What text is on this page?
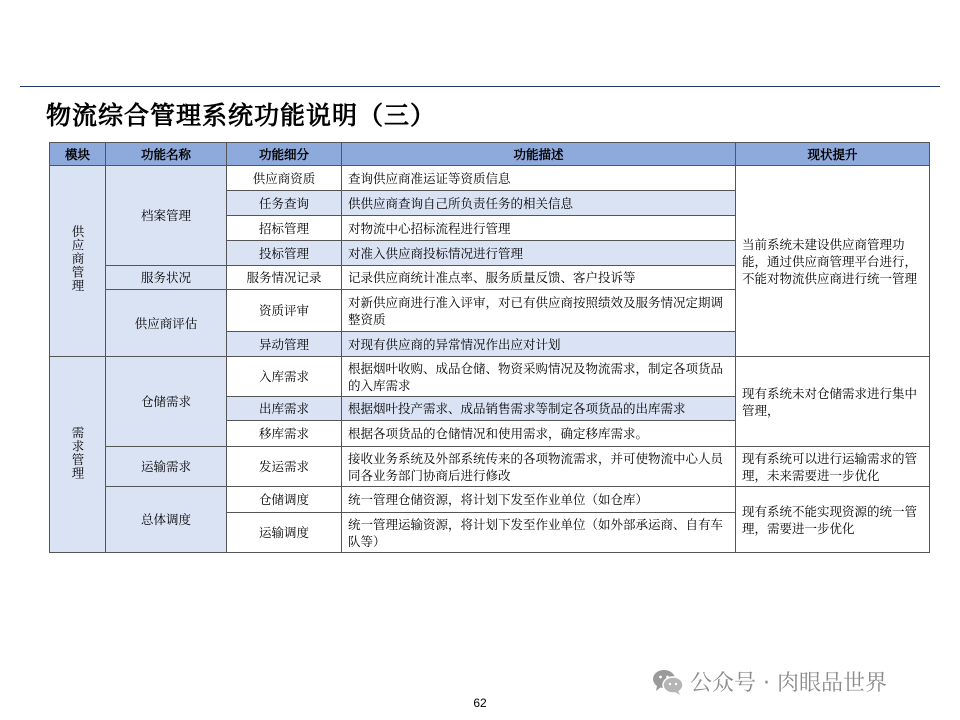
物流综合管理系统功能说明（三）
模块	功能名称	功能细分	功能描述	现状提升
供应商管理	档案管理	供应商资质	查询供应商准运证等资质信息	当前系统未建设供应商管理功能，通过供应商管理平台进行，不能对物流供应商进行统一管理
		任务查询	供供应商查询自己所负责任务的相关信息	
		招标管理	对物流中心招标流程进行管理	
		投标管理	对准入供应商投标情况进行管理	
	服务状况	服务情况记录	记录供应商统计准点率、服务质量反馈、客户投诉等	
	供应商评估	资质评审	对新供应商进行准入评审，对已有供应商按照绩效及服务情况定期调整资质	
		异动管理	对现有供应商的异常情况作出应对计划	
需求管理	仓储需求	入库需求	根据烟叶收购、成品仓储、物资采购情况及物流需求，制定各项货品的入库需求	现有系统未对仓储需求进行集中管理，
		出库需求	根据烟叶投产需求、成品销售需求等制定各项货品的出库需求	
		移库需求	根据各项货品的仓储情况和使用需求，确定移库需求。	
	运输需求	发运需求	接收业务系统及外部系统传来的各项物流需求，并可使物流中心人员同各业务部门协商后进行修改	现有系统可以进行运输需求的管理，未来需要进一步优化
	总体调度	仓储调度	统一管理仓储资源，将计划下发至作业单位（如仓库）	现有系统不能实现资源的统一管理，需要进一步优化
		运输调度	统一管理运输资源，将计划下发至作业单位（如外部承运商、自有车队等）	
公众号 · 肉眼品世界
62
